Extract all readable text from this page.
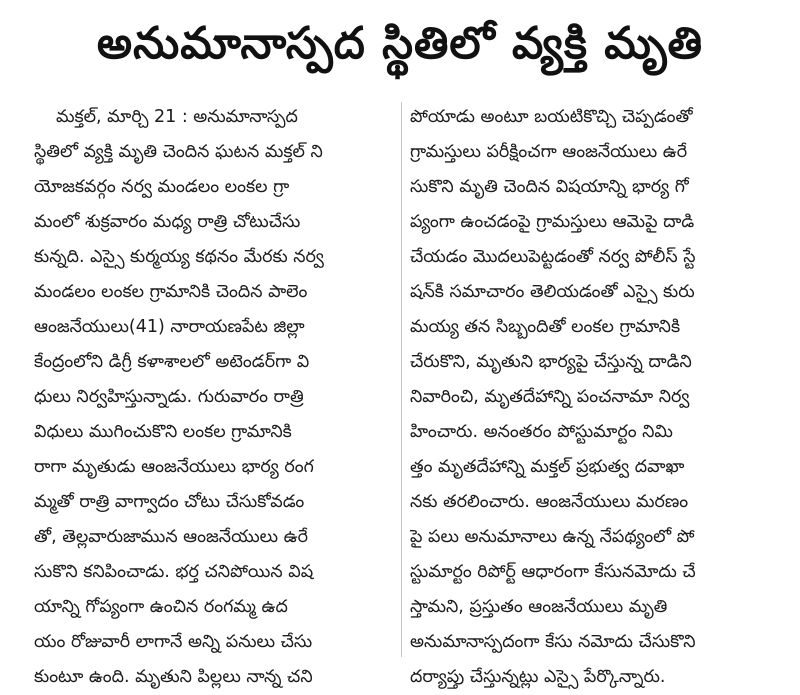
అనుమానాస్పద స్థితిలో వ్యక్తి మృతి
మక్తల్, మార్చి 21 : అనుమానాస్పద
స్థితిలో వ్యక్తి మృతి చెందిన ఘటన మక్తల్ ని
యోజకవర్గం నర్వ మండలం లంకల గ్రా
మంలో శుక్రవారం మధ్య రాత్రి చోటుచేసు
కున్నది. ఎస్సై కుర్మయ్య కథనం మేరకు నర్వ
మండలం లంకల గ్రామానికి చెందిన పాలెం
ఆంజనేయులు(41) నారాయణపేట జిల్లా
కేంద్రంలోని డిగ్రీ కళాశాలలో అటెండర్‌గా వి
ధులు నిర్వహిస్తున్నాడు. గురువారం రాత్రి
విధులు ముగించుకొని లంకల గ్రామానికి
రాగా మృతుడు ఆంజనేయులు భార్య రంగ
మ్మతో రాత్రి వాగ్వాదం చోటు చేసుకోవడం
తో, తెల్లవారుజామున ఆంజనేయులు ఉరే
సుకొని కనిపించాడు. భర్త చనిపోయిన విష
యాన్ని గోప్యంగా ఉంచిన రంగమ్మ ఉద
యం రోజువారీ లాగానే అన్ని పనులు చేసు
కుంటూ ఉంది. మృతుని పిల్లలు నాన్న చని
పోయాడు అంటూ బయటికొచ్చి చెప్పడంతో
గ్రామస్తులు పరీక్షించగా ఆంజనేయులు ఉరే
సుకొని మృతి చెందిన విషయాన్ని భార్య గో
ప్యంగా ఉంచడంపై గ్రామస్తులు ఆమెపై దాడి
చేయడం మొదలుపెట్టడంతో నర్వ పోలీస్ స్టే
షన్‌కి సమాచారం తెలియడంతో ఎస్సై కురు
మయ్య తన సిబ్బందితో లంకల గ్రామానికి
చేరుకొని, మృతుని భార్యపై చేస్తున్న దాడిని
నివారించి, మృతదేహాన్ని పంచనామా నిర్వ
హించారు. అనంతరం పోస్టుమార్టం నిమి
త్తం మృతదేహాన్ని మక్తల్ ప్రభుత్వ దవాఖా
నకు తరలించారు. ఆంజనేయులు మరణం
పై పలు అనుమానాలు ఉన్న నేపథ్యంలో పో
స్టుమార్టం రిపోర్ట్ ఆధారంగా కేసునమోదు చే
స్తామని, ప్రస్తుతం ఆంజనేయులు మృతి
అనుమానాస్పదంగా కేసు నమోదు చేసుకొని
దర్యాప్తు చేస్తున్నట్లు ఎస్సై పేర్కొన్నారు.
